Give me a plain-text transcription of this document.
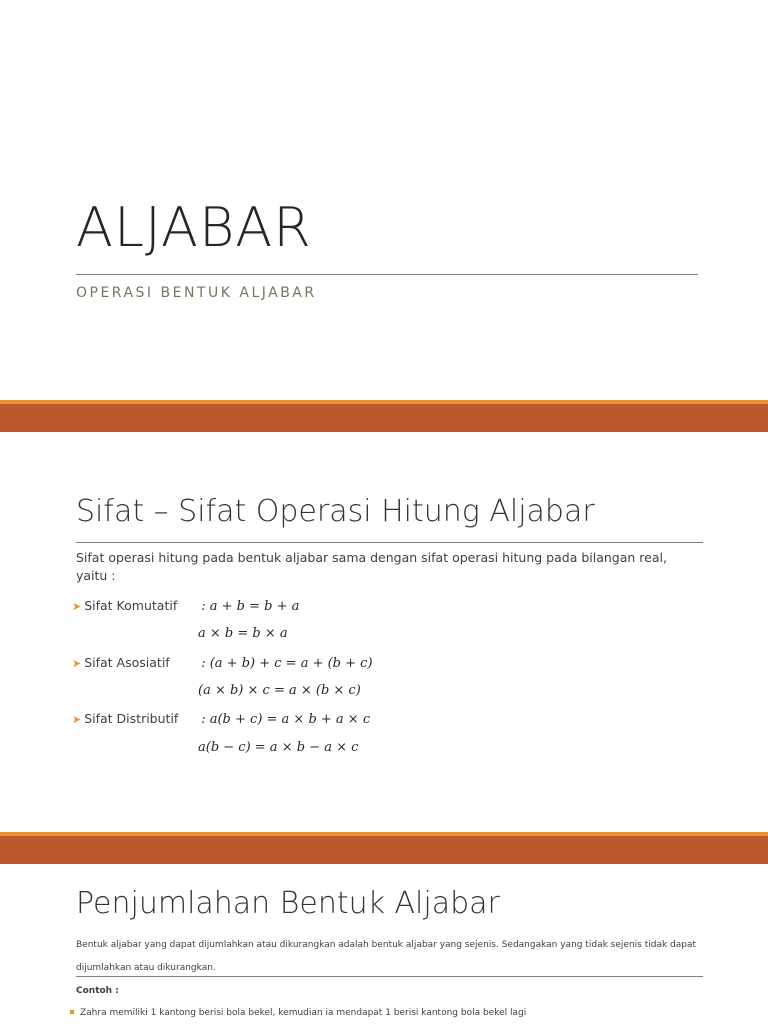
ALJABAR
OPERASI BENTUK ALJABAR
Sifat – Sifat Operasi Hitung Aljabar

Sifat operasi hitung pada bentuk aljabar sama dengan sifat operasi hitung pada bilangan real, yaitu :

➤ Sifat Komutatif : a + b = b + a
a × b = b × a
➤ Sifat Asosiatif : (a + b) + c = a + (b + c)
(a × b) × c = a × (b × c)
➤ Sifat Distributif : a(b + c) = a × b + a × c
a(b − c) = a × b − a × c
Penjumlahan Bentuk Aljabar

Bentuk aljabar yang dapat dijumlahkan atau dikurangkan adalah bentuk aljabar yang sejenis. Sedangakan yang tidak sejenis tidak dapat dijumlahkan atau dikurangkan.

Contoh :
Zahra memiliki 1 kantong berisi bola bekel, kemudian ia mendapat 1 berisi kantong bola bekel lagi
